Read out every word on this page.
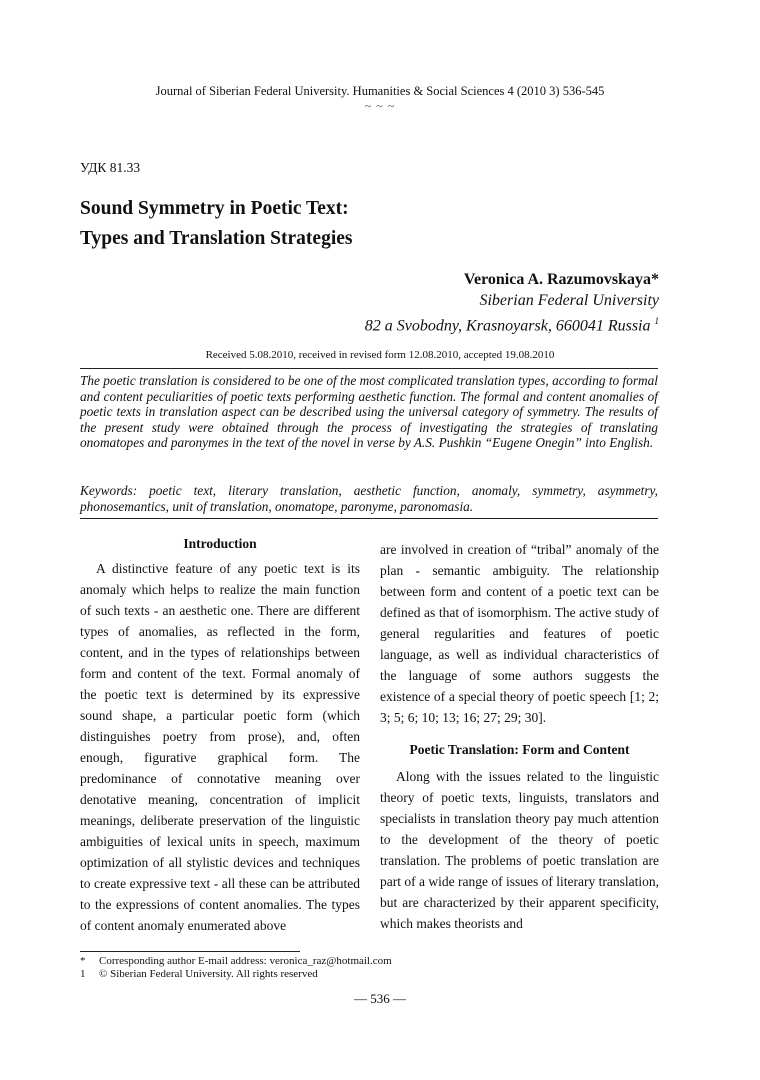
Journal of Siberian Federal University. Humanities & Social Sciences 4 (2010 3) 536-545
~ ~ ~
УДК 81.33
Sound Symmetry in Poetic Text:
Types and Translation Strategies
Veronica A. Razumovskaya*
Siberian Federal University
82 a Svobodny, Krasnoyarsk, 660041 Russia $^1$
Received 5.08.2010, received in revised form 12.08.2010, accepted 19.08.2010
The poetic translation is considered to be one of the most complicated translation types, according to formal and content peculiarities of poetic texts performing aesthetic function. The formal and content anomalies of poetic texts in translation aspect can be described using the universal category of symmetry. The results of the present study were obtained through the process of investigating the strategies of translating onomatopes and paronymes in the text of the novel in verse by A.S. Pushkin “Eugene Onegin” into English.
Keywords: poetic text, literary translation, aesthetic function, anomaly, symmetry, asymmetry, phonosemantics, unit of translation, onomatope, paronyme, paronomasia.
Introduction

A distinctive feature of any poetic text is its anomaly which helps to realize the main function of such texts - an aesthetic one. There are different types of anomalies, as reflected in the form, content, and in the types of relationships between form and content of the text. Formal anomaly of the poetic text is determined by its expressive sound shape, a particular poetic form (which distinguishes poetry from prose), and, often enough, figurative graphical form. The predominance of connotative meaning over denotative meaning, concentration of implicit meanings, deliberate preservation of the linguistic ambiguities of lexical units in speech, maximum optimization of all stylistic devices and techniques to create expressive text - all these can be attributed to the expressions of content anomalies. The types of content anomaly enumerated above

are involved in creation of “tribal” anomaly of the plan - semantic ambiguity. The relationship between form and content of a poetic text can be defined as that of isomorphism. The active study of general regularities and features of poetic language, as well as individual characteristics of the language of some authors suggests the existence of a special theory of poetic speech [1; 2; 3; 5; 6; 10; 13; 16; 27; 29; 30].

Poetic Translation: Form and Content

Along with the issues related to the linguistic theory of poetic texts, linguists, translators and specialists in translation theory pay much attention to the development of the theory of poetic translation. The problems of poetic translation are part of a wide range of issues of literary translation, but are characterized by their apparent specificity, which makes theorists and

* Corresponding author E-mail address: veronica_raz@hotmail.com
1 © Siberian Federal University. All rights reserved
— 536 —
